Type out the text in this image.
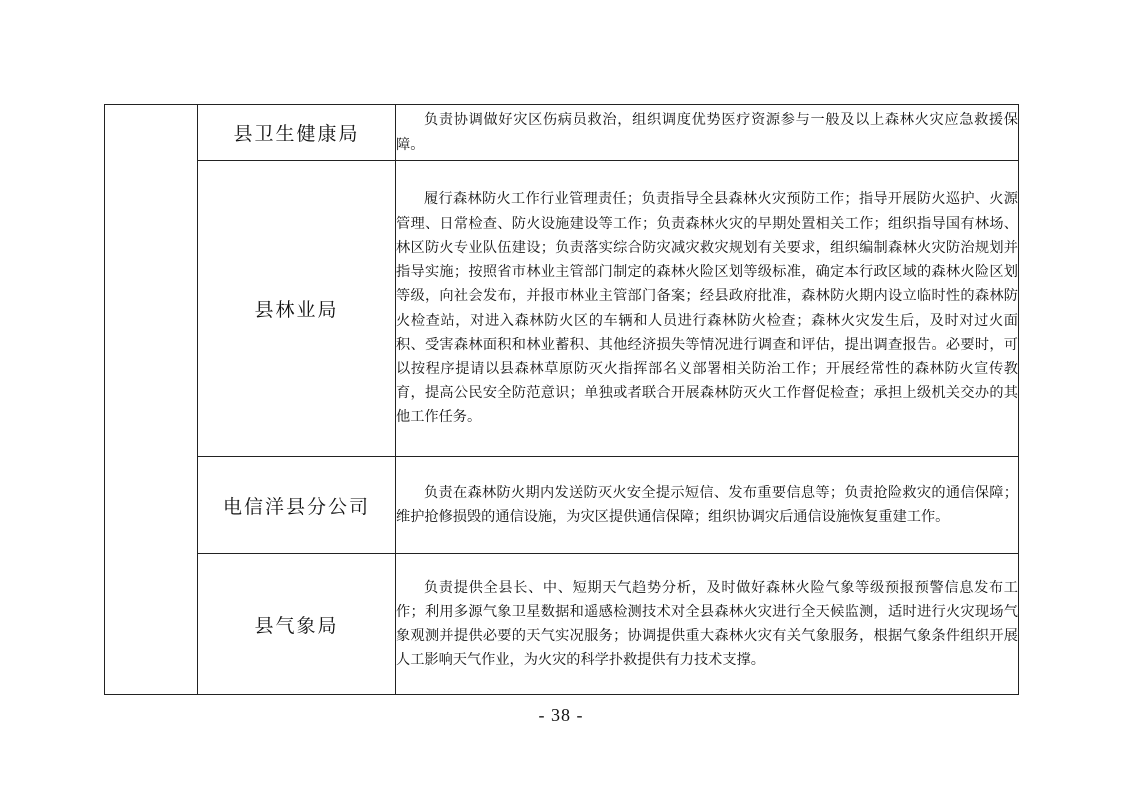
	县卫生健康局	负责协调做好灾区伤病员救治，组织调度优势医疗资源参与一般及以上森林火灾应急救援保障。
	县林业局	履行森林防火工作行业管理责任；负责指导全县森林火灾预防工作；指导开展防火巡护、火源管理、日常检查、防火设施建设等工作；负责森林火灾的早期处置相关工作；组织指导国有林场、林区防火专业队伍建设；负责落实综合防灾减灾救灾规划有关要求，组织编制森林火灾防治规划并指导实施；按照省市林业主管部门制定的森林火险区划等级标准，确定本行政区域的森林火险区划等级，向社会发布，并报市林业主管部门备案；经县政府批准，森林防火期内设立临时性的森林防火检查站，对进入森林防火区的车辆和人员进行森林防火检查；森林火灾发生后，及时对过火面积、受害森林面积和林业蓄积、其他经济损失等情况进行调查和评估，提出调查报告。必要时，可以按程序提请以县森林草原防灭火指挥部名义部署相关防治工作；开展经常性的森林防火宣传教育，提高公民安全防范意识；单独或者联合开展森林防灭火工作督促检查；承担上级机关交办的其他工作任务。
	电信洋县分公司	负责在森林防火期内发送防灭火安全提示短信、发布重要信息等；负责抢险救灾的通信保障；维护抢修损毁的通信设施，为灾区提供通信保障；组织协调灾后通信设施恢复重建工作。
	县气象局	负责提供全县长、中、短期天气趋势分析，及时做好森林火险气象等级预报预警信息发布工作；利用多源气象卫星数据和遥感检测技术对全县森林火灾进行全天候监测，适时进行火灾现场气象观测并提供必要的天气实况服务；协调提供重大森林火灾有关气象服务，根据气象条件组织开展人工影响天气作业，为火灾的科学扑救提供有力技术支撑。
- 38 -
